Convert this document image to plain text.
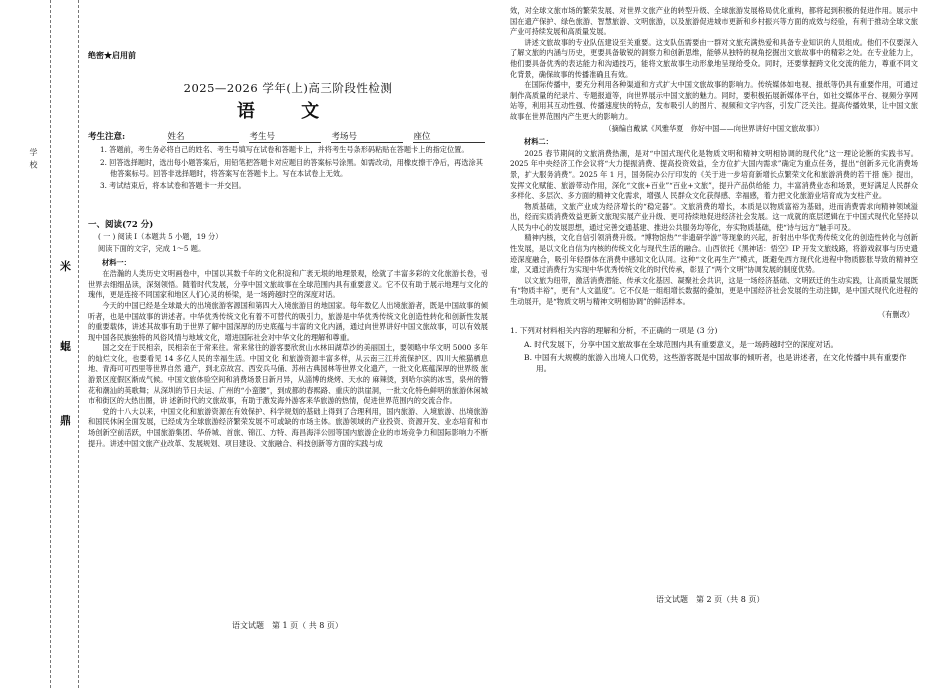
学 校
米
蜫
鼎
绝密★启用前
2025—2026 学年(上)高三阶段性检测
语 文
考生注意:	姓名	考生号	考场号	座位
1. 答题前，考生务必将自己的姓名、考生号填写在试卷和答题卡上，并将考生号条形码粘贴在答题卡上的指定位置。
2. 回答选择题时，选出每小题答案后，用铅笔把答题卡对应题目的答案标号涂黑。如需改动，用橡皮擦干净后，再选涂其他答案标号。回答非选择题时，将答案写在答题卡上。写在本试卷上无效。
3. 考试结束后，将本试卷和答题卡一并交回。
一、阅读(72 分)
( 一 ) 阅读 I（本题共 5 小题，19 分）
阅读下面的文字，完成 1～5 题。
材料一：

在浩瀚的人类历史文明画卷中，中国以其数千年的文化积淀和广袤无垠的地理景观，绘就了丰富多彩的文化旅游长卷，궝世界去细细品读，深刻领悟。随着时代发展，分享中国文旅故事在全球范围内具有重要意义。它不仅有助于展示地理与文化的瑰伟，更是连接不同国家和地区人们心灵的桥梁，是一场跨越时空的深度对话。

今天的中国已经是全球最大的出境旅游客源国和第四大入境旅游目的地国家。每年数亿人出境旅游者，既是中国故事的倾听者，也是中国故事的讲述者。中华优秀传统文化有着不可替代的吸引力，旅游是中华优秀传统文化创造性转化和创新性发展的重要载体，讲述其故事有助于世界了解中国深厚的历史底蕴与丰富的文化内涵，通过向世界讲好中国文旅故事，可以有效展现中国各民族独特的风俗风情与地域文化，增进国际社会对中华文化的理解和尊重。

国之交在于民相亲，民相亲在于常来往。常来常往的游客要欣赏山水林田湖草沙的美丽国土，要领略中华文明 5000 多年的灿烂文化，也要看见 14 多亿人民的幸福生活。中国文化 和旅游资源丰富多样，从云南三江并流保护区、四川大熊猫栖息地、青海可可西里等世界自然 遗产，到北京故宫、西安兵马俑、苏州古典园林等世界文化遗产，一批文化底蕴深厚的世界级 旅游景区度假区渐成气候。中国文旅体验空间和消费场景日新月异，从淄博的烧烤、天水的 麻辣烫，到哈尔滨的冰雪，泉州的簪花和潮汕的英歌舞；从深圳的节日夫运、广州的“小蛮腰”，到成都的春熙路、重庆的洪崖洞，一批文化特色鲜明的旅游休闲城市和街区的大热出圈，讲 述新时代的文旅故事，有助于激发海外游客来华旅游的热情，促进世界范围内的交流合作。

党的十八大以来，中国文化和旅游资源在有效保护、科学规划的基础上得到了合理利用，国内旅游、入境旅游、出境旅游和国民休闲全面发展，已经成为全球旅游经济繁荣发展不可或缺的市场主体。旅游领域的产业投资、资源开发、业态培育和市场创新空前活跃，中国旅游集团、华侨城、首旅、锦江、方特、海昌海洋公园等国内旅游企业的市场竞争力和国际影响力不断提升。讲述中国文旅产业改革、发展规划、项目建设、文旅融合、科技创新等方面的实践与成

语文试题　第 1 页（ 共 8 页）

效，对全球文旅市场的繁荣发展、对世界文旅产业的转型升级、全球旅游发展格局优化重构，都将起到积极的促进作用。展示中国在遗产保护、绿色旅游、智慧旅游、文明旅游，以及旅游促进城市更新和乡村振兴等方面的成效与经验，有利于推动全球文旅产业可持续发展和高质量发展。

讲述文旅故事的专业队伍建设至关重要。这支队伍需要由一群对文旅充满热爱和具备专业知识的人员组成。他们不仅要深入了解文旅的内涵与历史，更要具备敏锐的洞察力和创新思维，能够从独特的视角挖掘出文旅故事中的精彩之处。在专业能力上，他们要具备优秀的表达能力和沟通技巧，能将文旅故事生动形象地呈现给受众。同时，还要掌握跨文化交流的能力，尊重不同文化背景，确保故事的传播准确且有效。

在国际传播中，要充分利用各种渠道和方式扩大中国文旅故事的影响力。传统媒体如电视、报纸等仍具有重要作用，可通过制作高质量的纪录片、专题报道等，向世界展示中国文旅的魅力。同时，要积极拓展新媒体平台，如社交媒体平台、视频分享网站等，利用其互动性强、传播速度快的特点，发布吸引人的图片、视频和文字内容，引发广泛关注。提高传播效果，让中国文旅故事在世界范围内产生更大的影响力。

（摘编自戴斌《风雅华夏　你好中国——向世界讲好中国文旅故事》）
材料二：

2025 春节期间的文旅消费热潮，是对“中国式现代化是物质文明和精神文明相协调的现代化”这一理论论断的实践书写。2025 年中央经济工作会议将“大力提振消费、提高投资效益，全方位扩大国内需求”确定为重点任务，提出“创新多元化消费场景，扩大服务消费”。2025 年 1 月，国务院办公厅印发的《关于进一步培育新增长点繁荣文化和旅游消费的若干措 施》提出，发挥文化赋能、旅游带动作用，深化“文旅+百业”“百业+文旅”，提升产品供给能 力，丰富消费业态和场景，更好满足人民群众多样化、多层次、多方面的精神文化需求，增强人 民群众文化获得感、幸福感，着力把文化旅游业培育成为支柱产业。

物质基础，文旅产业成为经济增长的“稳定器”。文旅消费的增长，本质是以物质富裕为基础，进而消费需求向精神领域溢出，经而实质消费效益更新文旅现实展产业升级、更可持续地促进经济社会发展。这一成就的底层逻辑在于中国式现代化坚持以人民为中心的发展思想，通过完善交通基建、推进公共服务均等化，夯实物质基础，使“诗与远方”触手可及。

精神内核，文化自信引领消费升级。“博物馆热”“非遗研学游”等现象的兴起，折射出中华优秀传统文化的创造性转化与创新性发展，是以文化自信为内核的传统文化与现代生活的融合。山西依托《黑神话：悟空》IP 开发文旅线路，将游戏叙事与历史遗迹深度融合，吸引年轻群体在消费中感知文化认同。这种“文化再生产”模式，既避免西方现代化进程中物质膨胀导致的精神空虚，又通过消费行为实现中华优秀传统文化的时代传承，彰显了“两个文明”协调发展的制度优势。

以文旅为纽带，激活消费潜能、传承文化基因、凝聚社会共识，这是一场经济基础、文明跃迁的生动实践，让高质量发展既有“物质丰裕”，更有“人文温度”。它不仅是一组组增长数据的叠加，更是中国经济社会发展的生动注脚，是中国式现代化进程的生动展开，是“物质文明与精神文明相协调”的鲜活样本。

（有删改）
1. 下列对材料相关内容的理解和分析，不正确的一项是 (3 分)
A. 时代发展下，分享中国文旅故事在全球范围内具有重要意义，是一场跨越时空的深度对话。
B. 中国有大规模的旅游入出境人口优势，这些游客既是中国故事的倾听者，也是讲述者，在文化传播中具有重要作用。
语文试题　第 2 页（共 8 页）
